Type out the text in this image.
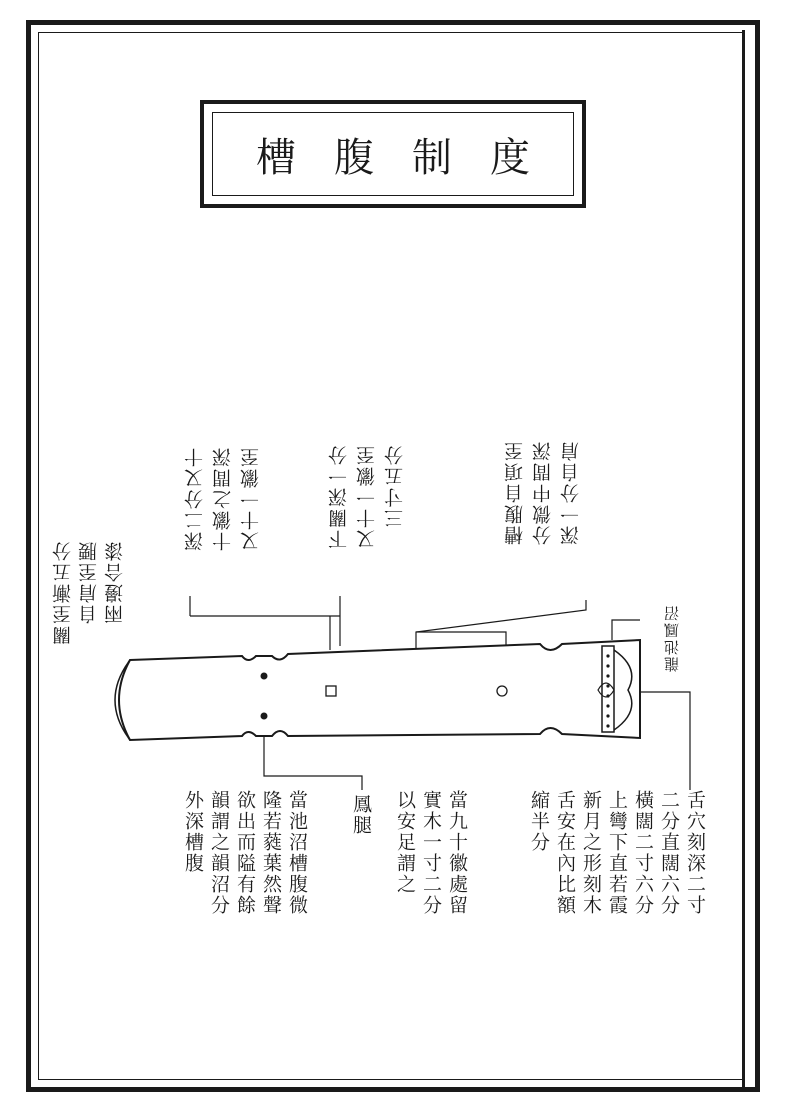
槽腹制度
深一分自肩
分微中間深
槽腹自項至
三寸五分
又十一徽至
下關深一分
又十一徽至
十徽之間深
深二分又十
龍池鳳沼
兩邊合漆
自肩至腰
關至漸五分
舌穴刻深二寸
二分直闊六分
橫闊二寸六分
上彎下直若霞
新月之形刻木
舌安在內比額
縮半分
當九十徽處留
實木一寸二分
以安足謂之
鳳腿
當池沼槽腹微
隆若蕤葉然聲
欲出而隘有餘
韻謂之韻沼分
外深槽腹
